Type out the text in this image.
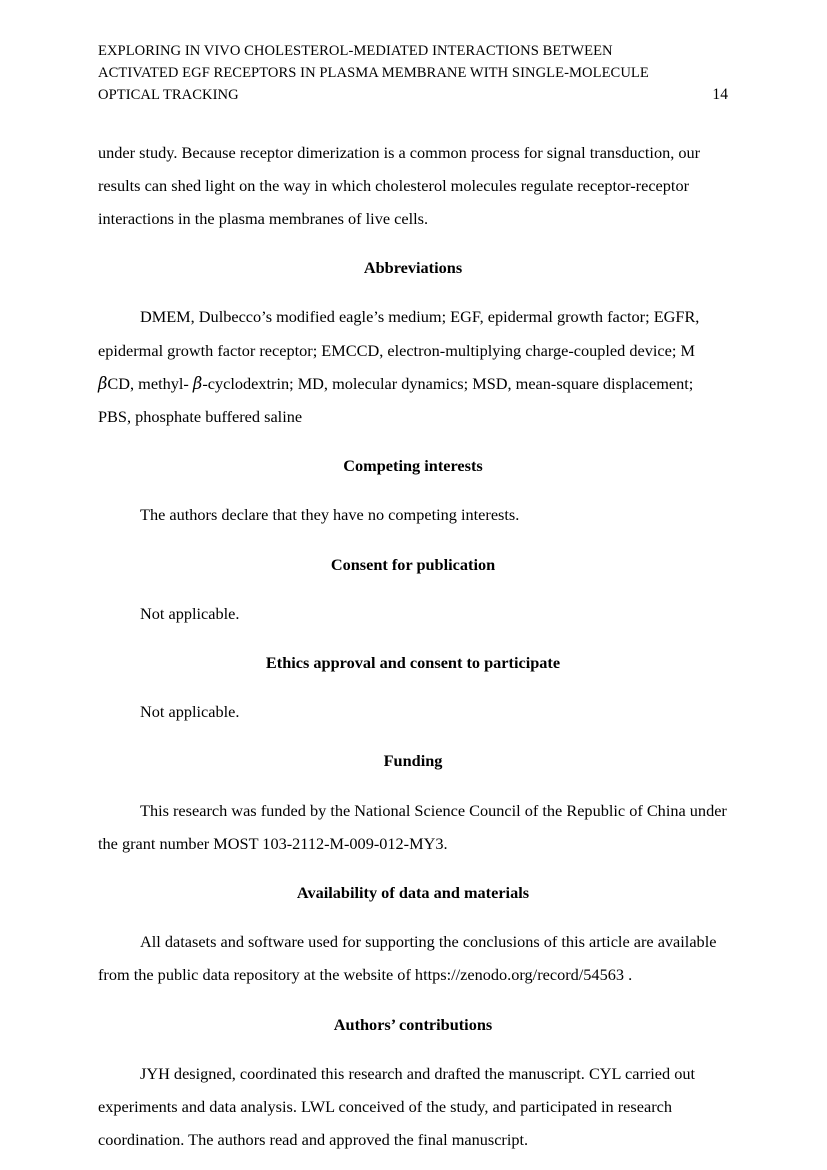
EXPLORING IN VIVO CHOLESTEROL-MEDIATED INTERACTIONS BETWEEN
ACTIVATED EGF RECEPTORS IN PLASMA MEMBRANE WITH SINGLE-MOLECULE
OPTICAL TRACKING	14

under study. Because receptor dimerization is a common process for signal transduction, our results can shed light on the way in which cholesterol molecules regulate receptor-receptor interactions in the plasma membranes of live cells.

Abbreviations

DMEM, Dulbecco’s modified eagle’s medium; EGF, epidermal growth factor; EGFR, epidermal growth factor receptor; EMCCD, electron-multiplying charge-coupled device; M βCD, methyl- β-cyclodextrin; MD, molecular dynamics; MSD, mean-square displacement; PBS, phosphate buffered saline

Competing interests

The authors declare that they have no competing interests.

Consent for publication

Not applicable.

Ethics approval and consent to participate

Not applicable.

Funding

This research was funded by the National Science Council of the Republic of China under the grant number MOST 103-2112-M-009-012-MY3.

Availability of data and materials

All datasets and software used for supporting the conclusions of this article are available from the public data repository at the website of https://zenodo.org/record/54563 .

Authors’ contributions

JYH designed, coordinated this research and drafted the manuscript. CYL carried out experiments and data analysis. LWL conceived of the study, and participated in research coordination. The authors read and approved the final manuscript.
